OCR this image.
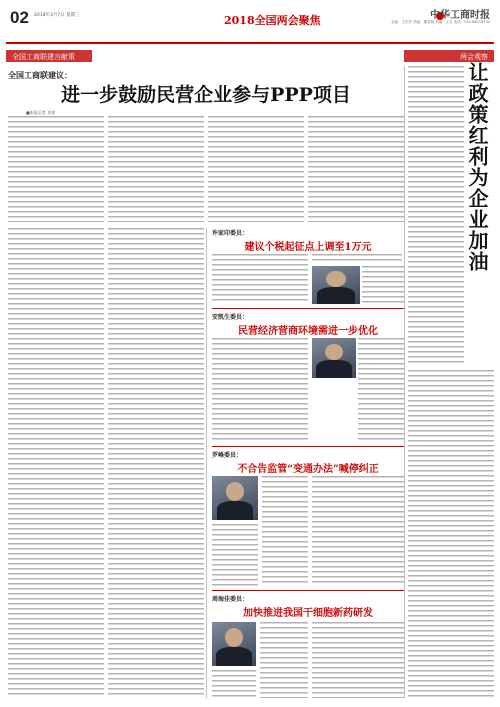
02 2018年3月7日 星期三	2018全国两会聚焦	中华工商时报
主编：王庆祥 责编：董喜娟 美编：王宝 电话：010-68213333
全国工商联建言献策	两会观察
全国工商联建议：
进一步鼓励民营企业参与PPP项目
■本报记者 刘康
许家印委员：
建议个税起征点上调至1万元
安凯生委员：
民营经济营商环境需进一步优化
罗峰委员：
不合告监管“变通办法”喊停纠正
周海佳委员：
加快推进我国干细胞新药研发
让政策红利为企业加油
